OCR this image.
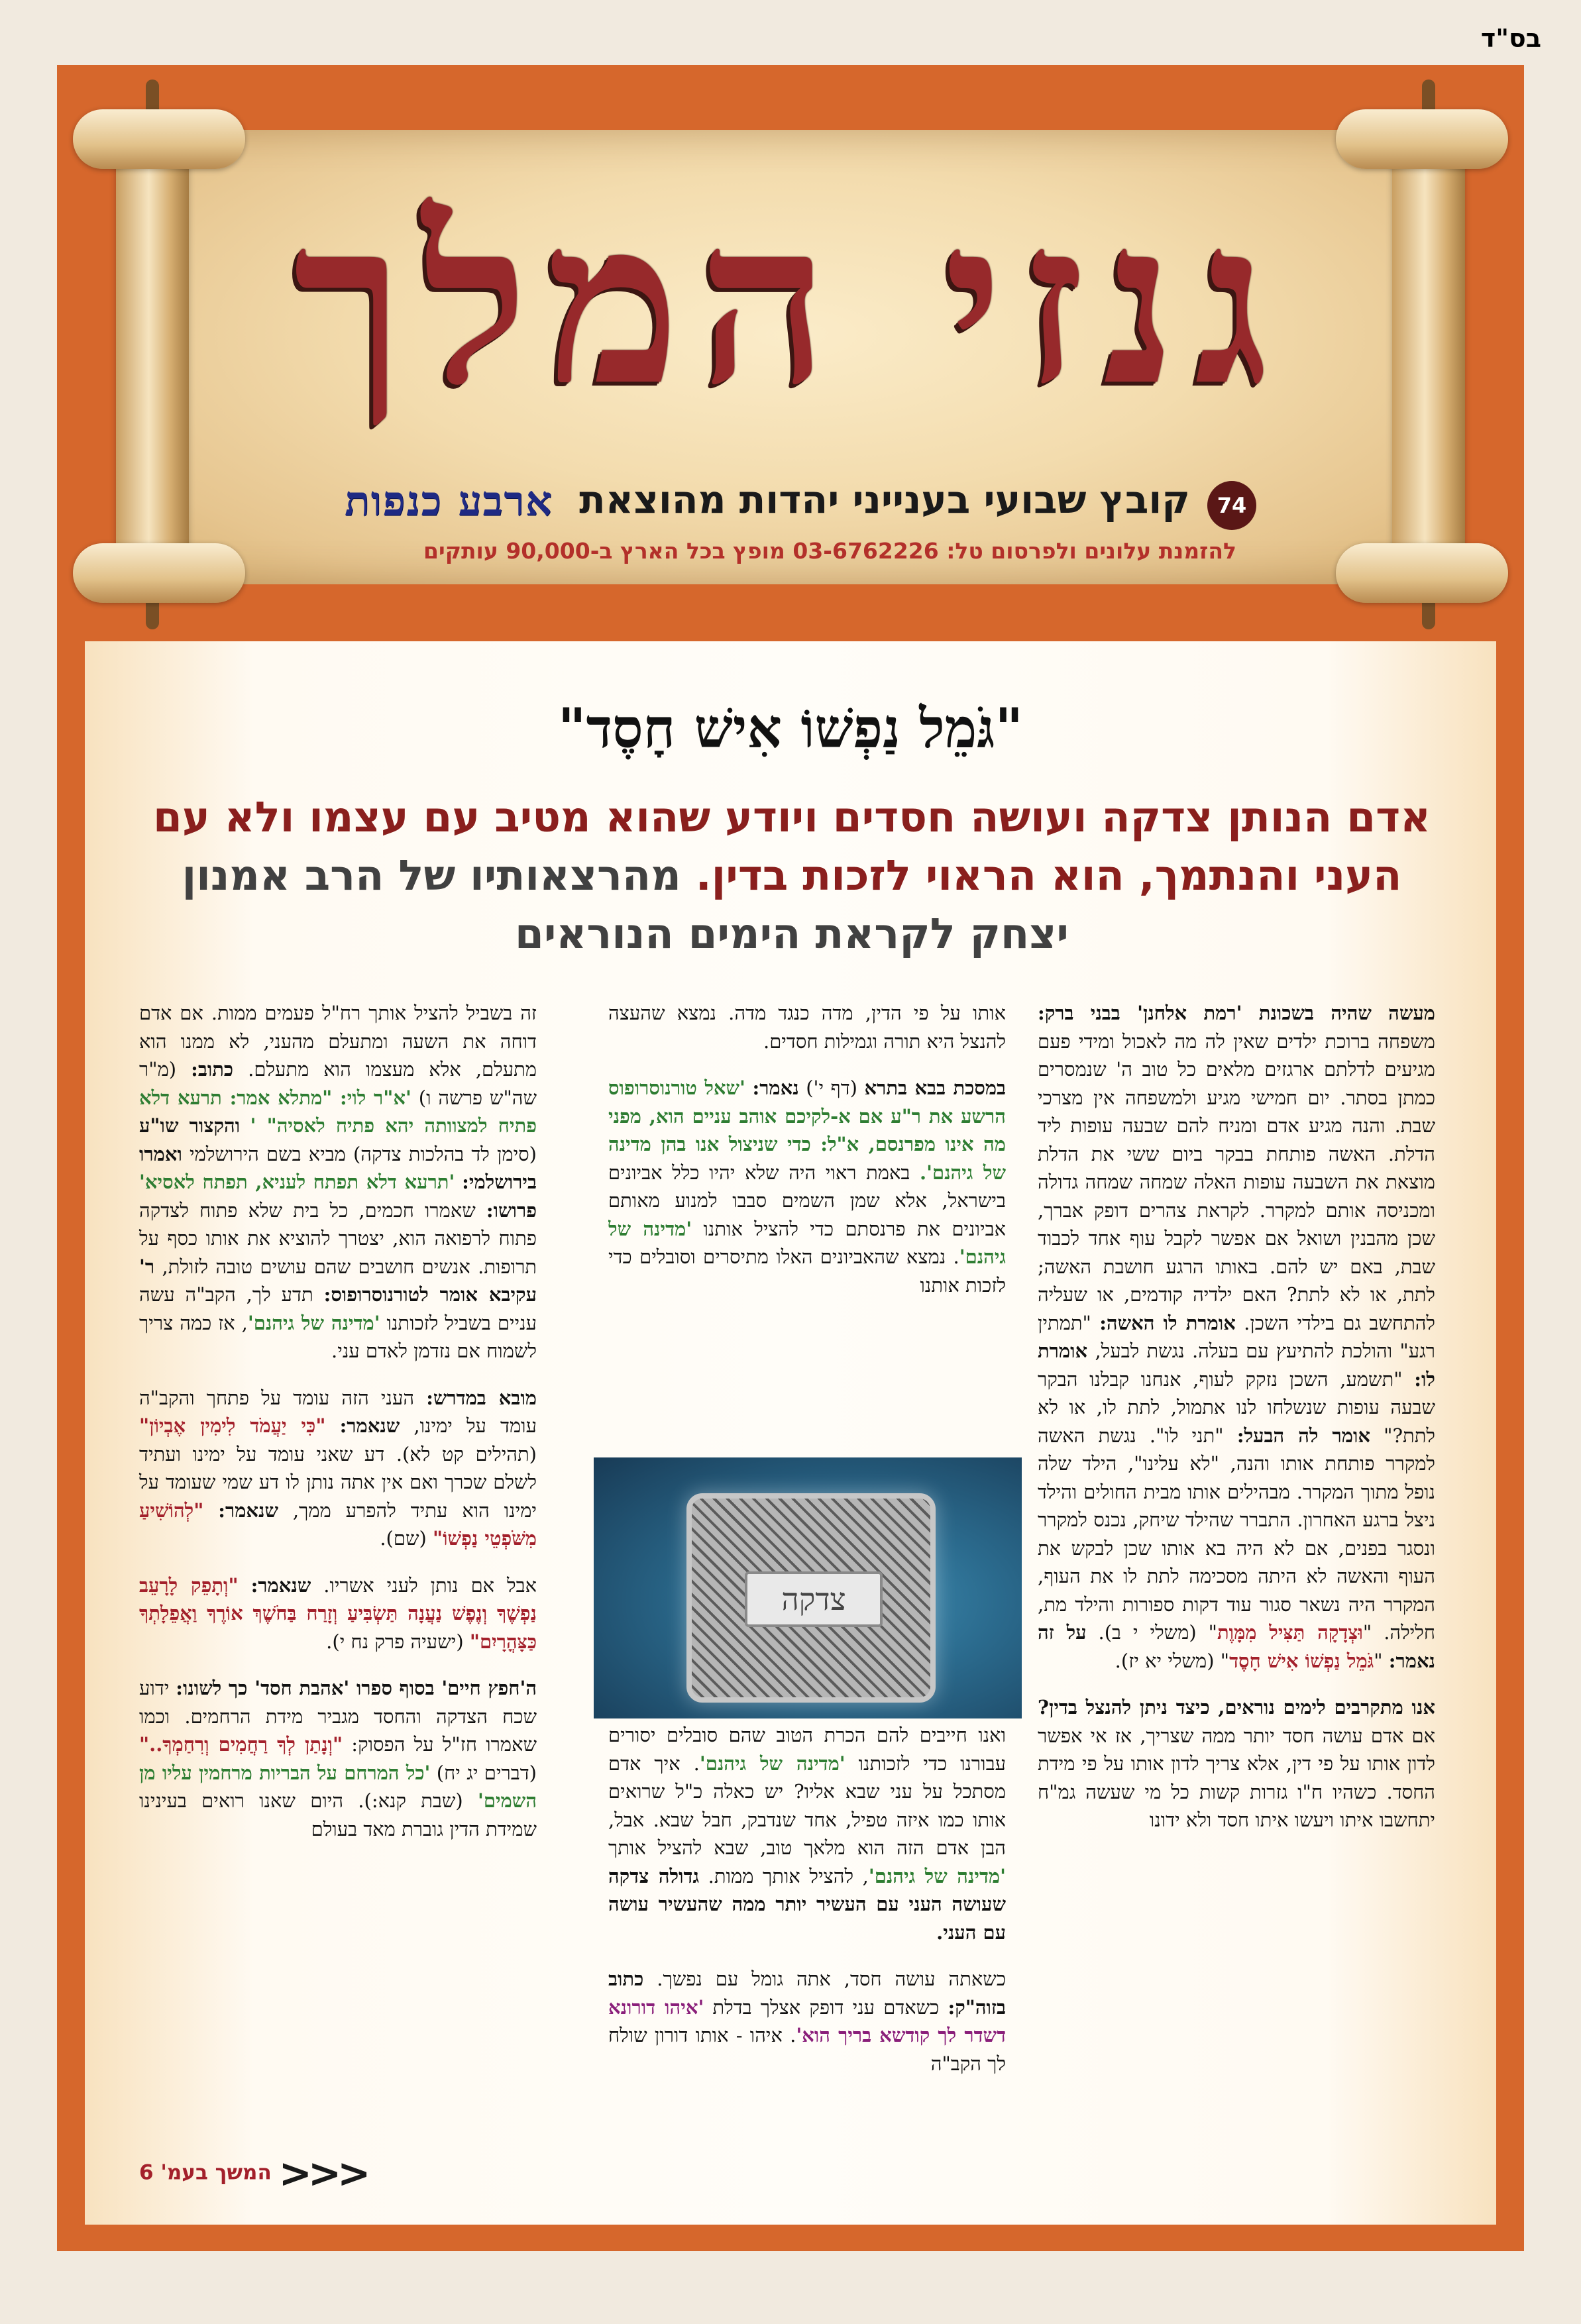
בס"ד
גנזי המלך
74
קובץ שבועי בענייני יהדות מהוצאת
ארבע כנפות
להזמנת עלונים ולפרסום טל: 03-6762226 מופץ בכל הארץ ב-90,000 עותקים
"גֹּמֵל נַפְשׁוֹ אִישׁ חָסֶד"
אדם הנותן צדקה ועושה חסדים ויודע שהוא מטיב עם עצמו ולא עם העני והנתמך, הוא הראוי לזכות בדין. מהרצאותיו של הרב אמנון יצחק לקראת הימים הנוראים

מעשה שהיה בשכונת 'רמת אלחנן' בבני ברק: משפחה ברוכת ילדים שאין לה מה לאכול ומידי פעם מגיעים לדלתם ארגזים מלאים כל טוב ה' שנמסרים כמתן בסתר. יום חמישי מגיע ולמשפחה אין מצרכי שבת. והנה מגיע אדם ומניח להם שבעה עופות ליד הדלת. האשה פותחת בבקר ביום ששי את הדלת מוצאת את השבעה עופות האלה שמחה שמחה גדולה ומכניסה אותם למקרר. לקראת צהרים דופק אברך, שכן מהבנין ושואל אם אפשר לקבל עוף אחד לכבוד שבת, באם יש להם. באותו הרגע חושבת האשה; לתת, או לא לתת? האם ילדיה קודמים, או שעליה להתחשב גם בילדי השכן. אומרת לו האשה: "תמתין רגע" והולכת להתיעץ עם בעלה. נגשת לבעל, אומרת לו: "תשמע, השכן נזקק לעוף, אנחנו קבלנו הבקר שבעה עופות שנשלחו לנו אתמול, לתת לו, או לא לתת?" אומר לה הבעל: "תני לו". נגשת האשה למקרר פותחת אותו והנה, "לא עלינו", הילד שלה נופל מתוך המקרר. מבהילים אותו מבית החולים והילד ניצל ברגע האחרון. התברר שהילד שיחק, נכנס למקרר ונסגר בפנים, אם לא היה בא אותו שכן לבקש את העוף והאשה לא היתה מסכימה לתת לו את העוף, המקרר היה נשאר סגור עוד דקות ספורות והילד מת, חלילה. "וּצְדָקָה תַּצִּיל מִמָּוֶת" (משלי י ב). על זה נאמר: "גֹּמֵל נַפְשׁוֹ אִישׁ חָסֶד" (משלי יא יז).

אנו מתקרבים לימים נוראים, כיצד ניתן להנצל בדין? אם אדם עושה חסד יותר ממה שצריך, אז אי אפשר לדון אותו על פי דין, אלא צריך לדון אותו על פי מידת החסד. כשהיו ח"ו גזרות קשות כל מי שעשה גמ"ח יתחשבו איתו ויעשו איתו חסד ולא ידונו

אותו על פי הדין, מדה כנגד מדה. נמצא שהעצה להנצל היא תורה וגמילות חסדים.

במסכת בבא בתרא (דף י') נאמר: 'שאל טורנוסרופוס הרשע את ר"ע אם א-לקיכם אוהב עניים הוא, מפני מה אינו מפרנסם, א"ל: כדי שניצול אנו בהן מדינה של גיהנם'. באמת ראוי היה שלא יהיו כלל אביונים בישראל, אלא שמן השמים סבבו למנוע מאותם אביונים את פרנסתם כדי להציל אותנו 'מדינה של גיהנם'. נמצא שהאביונים האלו מתיסרים וסובלים כדי לזכות אותנו

צדקה

ואנו חייבים להם הכרת הטוב שהם סובלים יסורים עבורנו כדי לזכותנו 'מדינה של גיהנם'. איך אדם מסתכל על עני שבא אליו? יש כאלה כ"ל שרואים אותו כמו איזה טפיל, אחד שנדבק, חבל שבא. אבל, הבן אדם הזה הוא מלאך טוב, שבא להציל אותך 'מדינה של גיהנם', להציל אותך ממות. גדולה צדקה שעושה העני עם העשיר יותר ממה שהעשיר עושה עם העני.

כשאתה עושה חסד, אתה גומל עם נפשך. כתוב בזוה"ק: כשאדם עני דופק אצלך בדלת 'איהו דורונא דשדר לך קודשא בריך הוא'. איהו - אותו דורון שולח לך הקב"ה

זה בשביל להציל אותך רח"ל פעמים ממות. אם אדם דוחה את השעה ומתעלם מהעני, לא ממנו הוא מתעלם, אלא מעצמו הוא מתעלם. כתוב: (מ"ר שה"ש פרשה ו) 'א"ר לוי: "מתלא אמר: תרעא דלא פתיח למצוותה יהא פתיח לאסיה" ' והקצור שו"ע (סימן לד בהלכות צדקה) מביא בשם הירושלמי ואמרו בירושלמי: 'תרעא דלא תפתח לעניא, תפתח לאסיא' פרושו: שאמרו חכמים, כל בית שלא פתוח לצדקה פתוח לרפואה הוא, יצטרך להוציא את אותו כסף על תרופות. אנשים חושבים שהם עושים טובה לזולת, ר' עקיבא אומר לטורנוסרופוס: תדע לך, הקב"ה עשה עניים בשביל לזכותנו 'מדינה של גיהנם', אז כמה צריך לשמוח אם נזדמן לאדם עני.

מובא במדרש: העני הזה עומד על פתחך והקב"ה עומד על ימינו, שנאמר: "כִּי יַעֲמֹד לִימִין אֶבְיוֹן" (תהילים קט לא). דע שאני עומד על ימינו ועתיד לשלם שכרך ואם אין אתה נותן לו דע שמי שעומד על ימינו הוא עתיד להפרע ממך, שנאמר: "לְהוֹשִׁיעַ מִשֹּׁפְטֵי נַפְשׁוֹ" (שם).

אבל אם נותן לעני אשריו. שנאמר: "וְתָפֵק לָרָעֵב נַפְשֶׁךָ וְנֶפֶשׁ נַעֲנָה תַּשְׂבִּיעַ וְזָרַח בַּחֹשֶׁךְ אוֹרֶךָ וַאֲפֵלָתְךָ כַּצָּהֳרָיִם" (ישעיה פרק נח י).

ה'חפץ חיים' בסוף ספרו 'אהבת חסד' כך לשונו: ידוע שכח הצדקה והחסד מגביר מידת הרחמים. וכמו שאמרו חז"ל על הפסוק: "וְנָתַן לְךָ רַחֲמִים וְרִחַמְךָ.." (דברים יג יח) 'כל המרחם על הבריות מרחמין עליו מן השמים' (שבת קנא:). היום שאנו רואים בעינינו שמידת הדין גוברת מאד בעולם

<<< המשך בעמ' 6
